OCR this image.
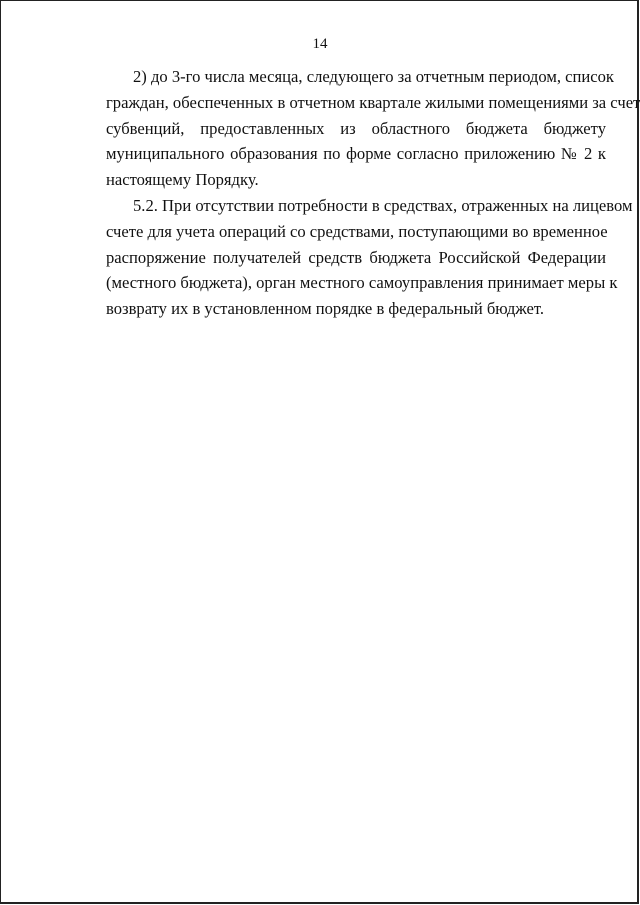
14
2) до 3-го числа месяца, следующего за отчетным периодом, список
граждан, обеспеченных в отчетном квартале жилыми помещениями за счет
субвенций, предоставленных из областного бюджета бюджету
муниципального образования по форме согласно приложению № 2 к
настоящему Порядку.
5.2. При отсутствии потребности в средствах, отраженных на лицевом
счете для учета операций со средствами, поступающими во временное
распоряжение получателей средств бюджета Российской Федерации
(местного бюджета), орган местного самоуправления принимает меры к
возврату их в установленном порядке в федеральный бюджет.
